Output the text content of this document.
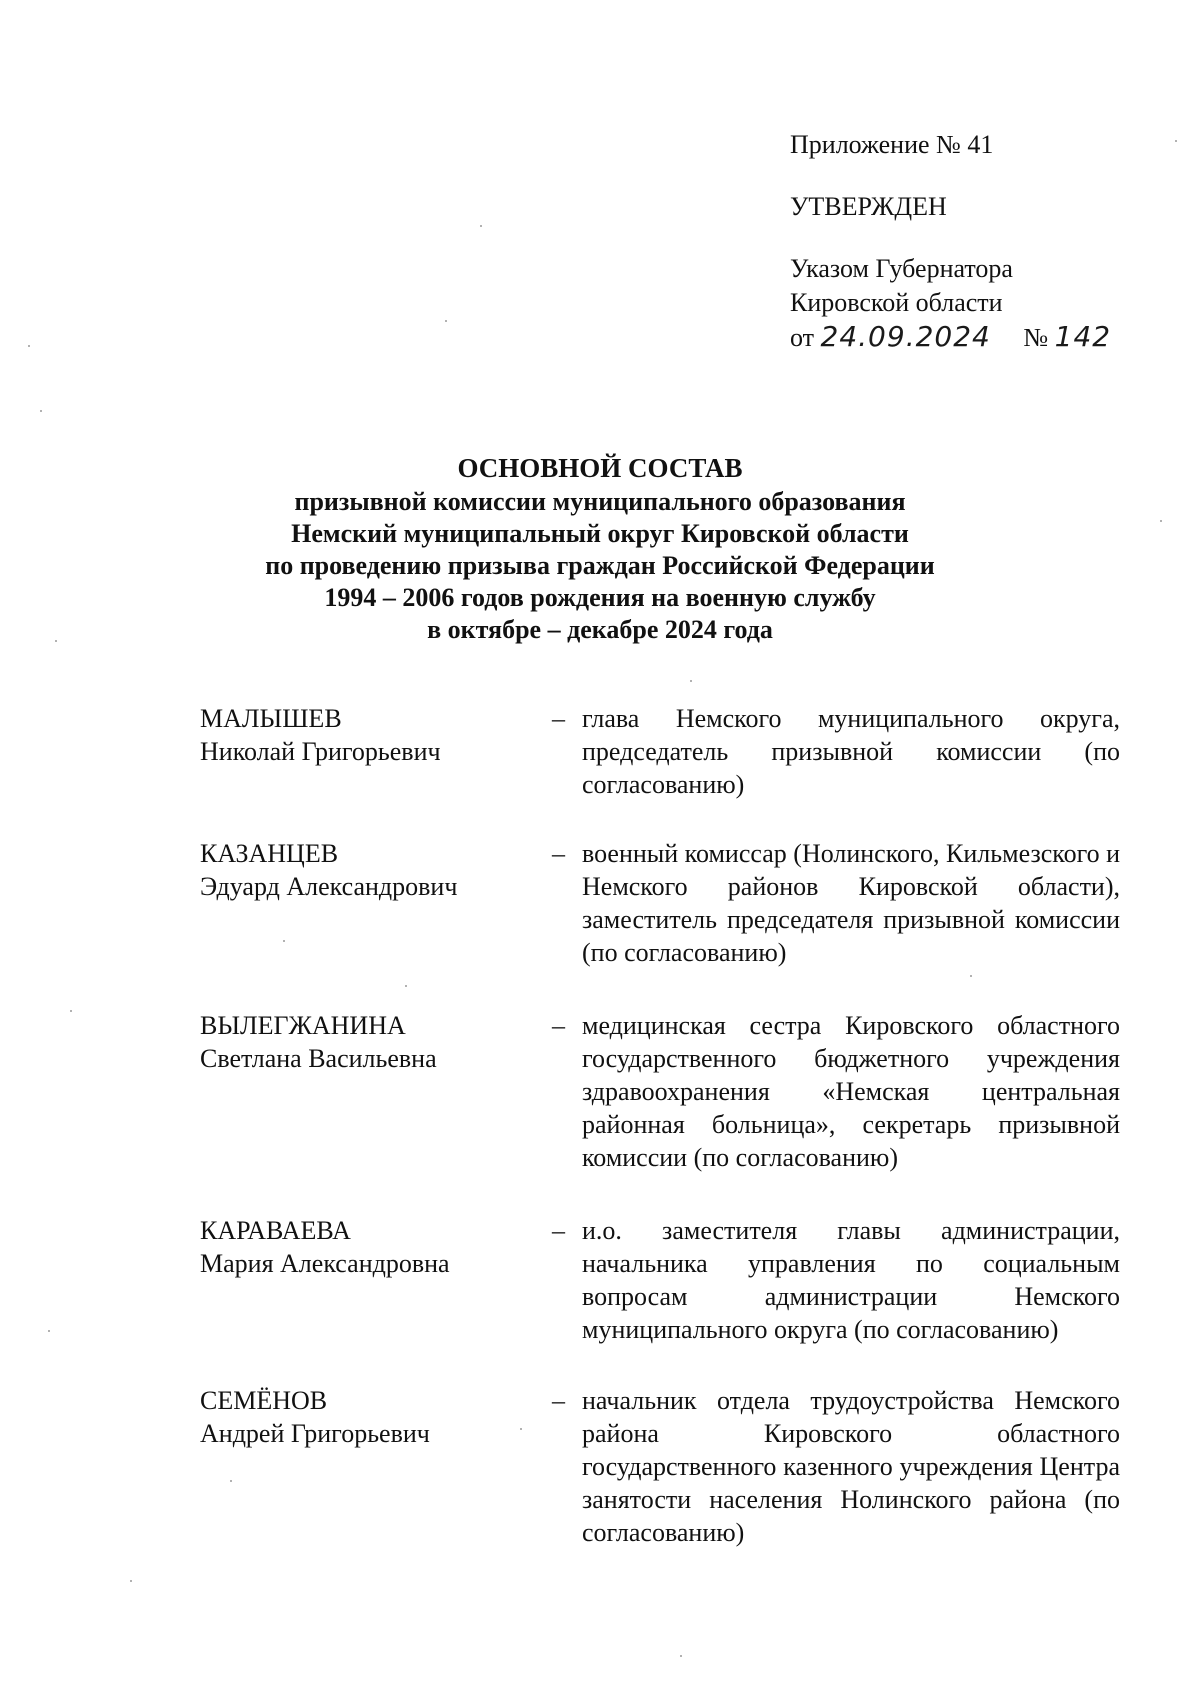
Приложение № 41
УТВЕРЖДЕН
Указом Губернатора
Кировской области
от 24.09.2024 № 142
ОСНОВНОЙ СОСТАВ
призывной комиссии муниципального образования
Немский муниципальный округ Кировской области
по проведению призыва граждан Российской Федерации
1994 – 2006 годов рождения на военную службу
в октябре – декабре 2024 года
МАЛЫШЕВ
Николай Григорьевич
– глава Немского муниципального округа, председатель призывной комиссии (по согласованию)
КАЗАНЦЕВ
Эдуард Александрович
– военный комиссар (Нолинского, Кильмезского и Немского районов Кировской области), заместитель председателя призывной комиссии (по согласованию)
ВЫЛЕГЖАНИНА
Светлана Васильевна
– медицинская сестра Кировского областного государственного бюджетного учреждения здравоохранения «Немская центральная районная больница», секретарь призывной комиссии (по согласованию)
КАРАВАЕВА
Мария Александровна
– и.о. заместителя главы администрации, начальника управления по социальным вопросам администрации Немского муниципального округа (по согласованию)
СЕМЁНОВ
Андрей Григорьевич
– начальник отдела трудоустройства Немского района Кировского областного государственного казенного учреждения Центра занятости населения Нолинского района (по согласованию)
